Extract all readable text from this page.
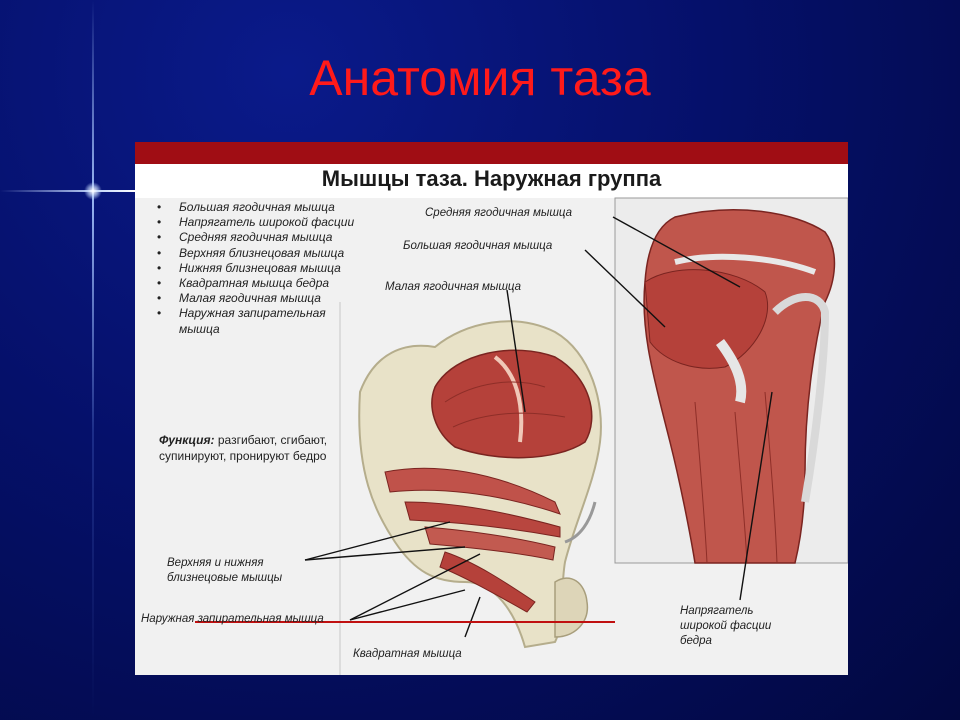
Анатомия таза
Мышцы таза. Наружная группа
• Большая ягодичная мышца
• Напрягатель широкой фасции
• Средняя ягодичная мышца
• Верхняя близнецовая мышца
• Нижняя близнецовая мышца
• Квадратная мышца бедра
• Малая ягодичная мышца
• Наружная запирательная мышца
Функция: разгибают, сгибают, супинируют, пронируют бедро
Средняя ягодичная мышца
Большая ягодичная мышца
Малая ягодичная мышца
Верхняя и нижняя близнецовые мышцы
Наружная запирательная мышца
Квадратная мышца
Напрягатель широкой фасции бедра
